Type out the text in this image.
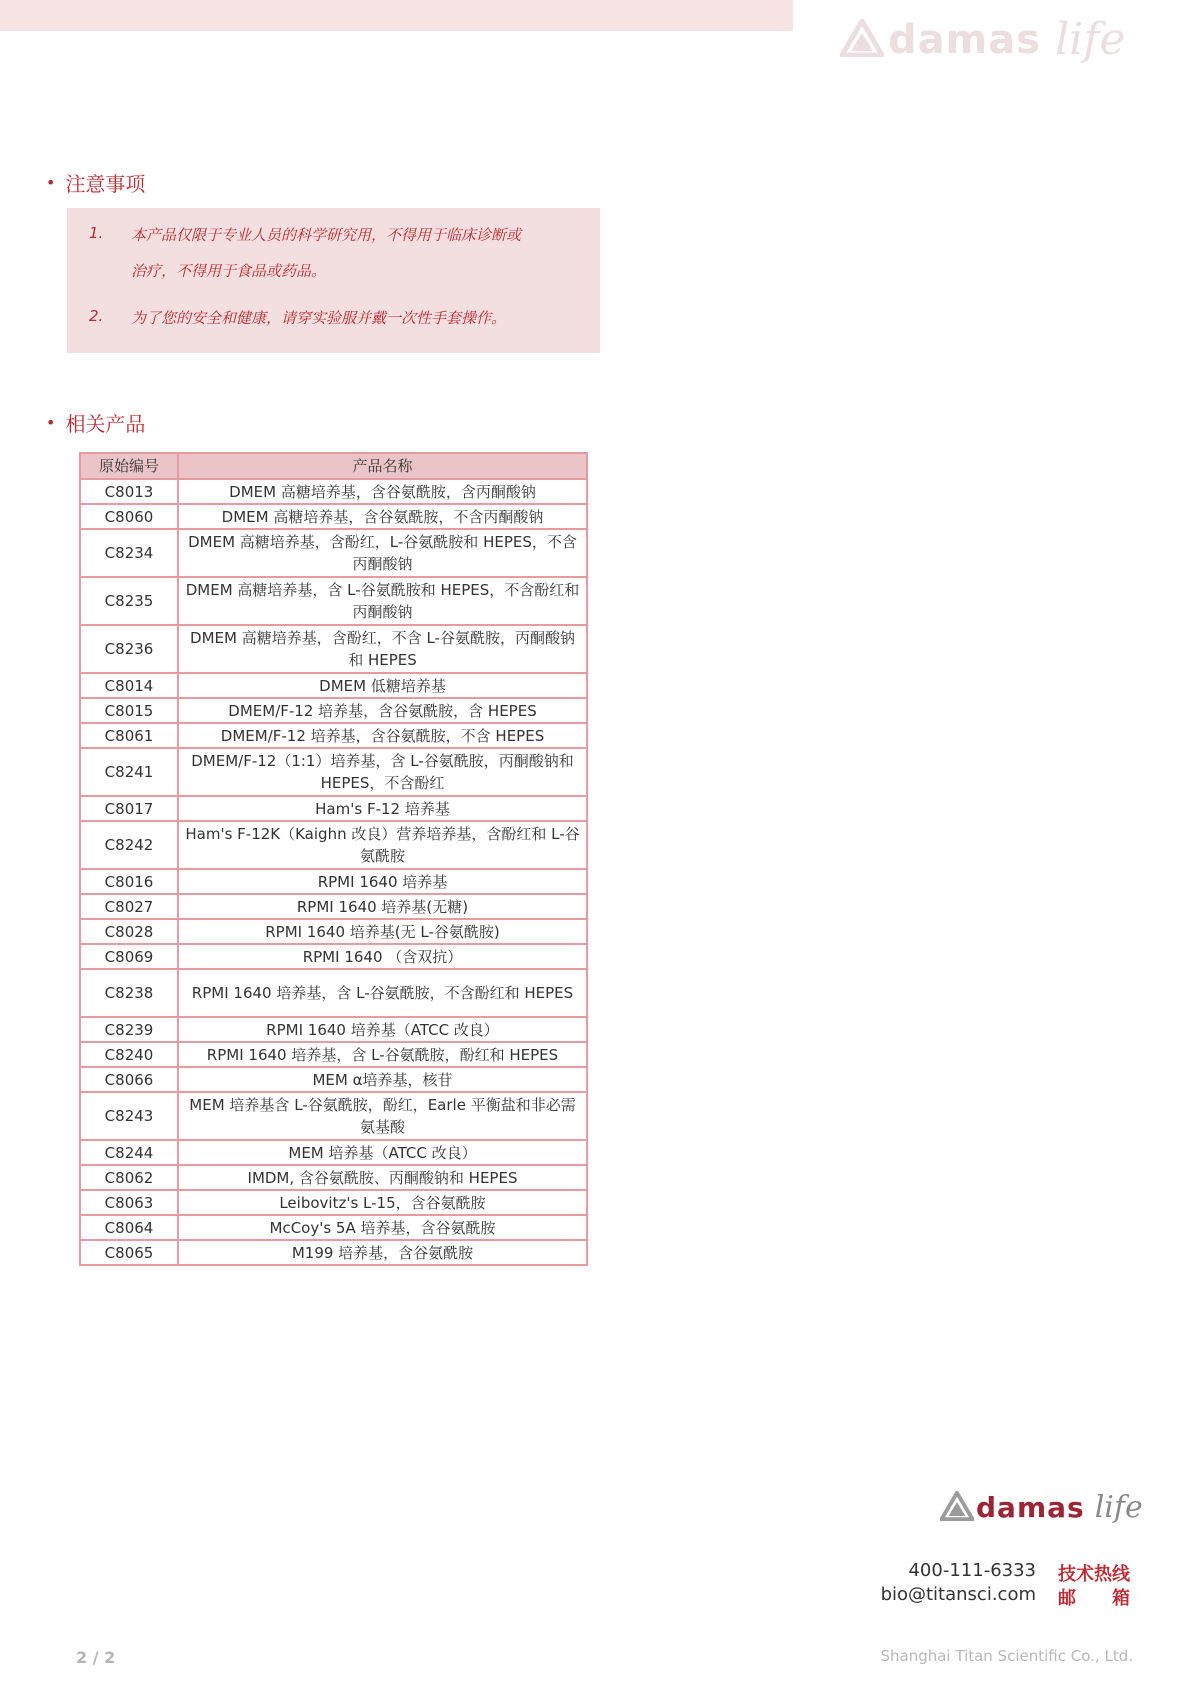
damas life
• 注意事项
1. 本产品仅限于专业人员的科学研究用，不得用于临床诊断或
治疗，不得用于食品或药品。
2. 为了您的安全和健康，请穿实验服并戴一次性手套操作。
• 相关产品
原始编号	产品名称
C8013	DMEM 高糖培养基，含谷氨酰胺，含丙酮酸钠
C8060	DMEM 高糖培养基，含谷氨酰胺，不含丙酮酸钠
C8234	DMEM 高糖培养基，含酚红，L-谷氨酰胺和 HEPES，不含丙酮酸钠
C8235	DMEM 高糖培养基，含 L-谷氨酰胺和 HEPES，不含酚红和丙酮酸钠
C8236	DMEM 高糖培养基，含酚红，不含 L-谷氨酰胺，丙酮酸钠和 HEPES
C8014	DMEM 低糖培养基
C8015	DMEM/F-12 培养基，含谷氨酰胺，含 HEPES
C8061	DMEM/F-12 培养基，含谷氨酰胺，不含 HEPES
C8241	DMEM/F-12（1:1）培养基，含 L-谷氨酰胺，丙酮酸钠和 HEPES，不含酚红
C8017	Ham's F-12 培养基
C8242	Ham's F-12K（Kaighn 改良）营养培养基，含酚红和 L-谷氨酰胺
C8016	RPMI 1640 培养基
C8027	RPMI 1640 培养基(无糖)
C8028	RPMI 1640 培养基(无 L-谷氨酰胺)
C8069	RPMI 1640 （含双抗）
C8238	RPMI 1640 培养基，含 L-谷氨酰胺，不含酚红和 HEPES
C8239	RPMI 1640 培养基（ATCC 改良）
C8240	RPMI 1640 培养基，含 L-谷氨酰胺，酚红和 HEPES
C8066	MEM α培养基，核苷
C8243	MEM 培养基含 L-谷氨酰胺，酚红，Earle 平衡盐和非必需氨基酸
C8244	MEM 培养基（ATCC 改良）
C8062	IMDM, 含谷氨酰胺、丙酮酸钠和 HEPES
C8063	Leibovitz's L-15，含谷氨酰胺
C8064	McCoy's 5A 培养基，含谷氨酰胺
C8065	M199 培养基，含谷氨酰胺
damas life
400-111-6333 技术热线
bio@titansci.com 邮箱
2 / 2	Shanghai Titan Scientific Co., Ltd.
